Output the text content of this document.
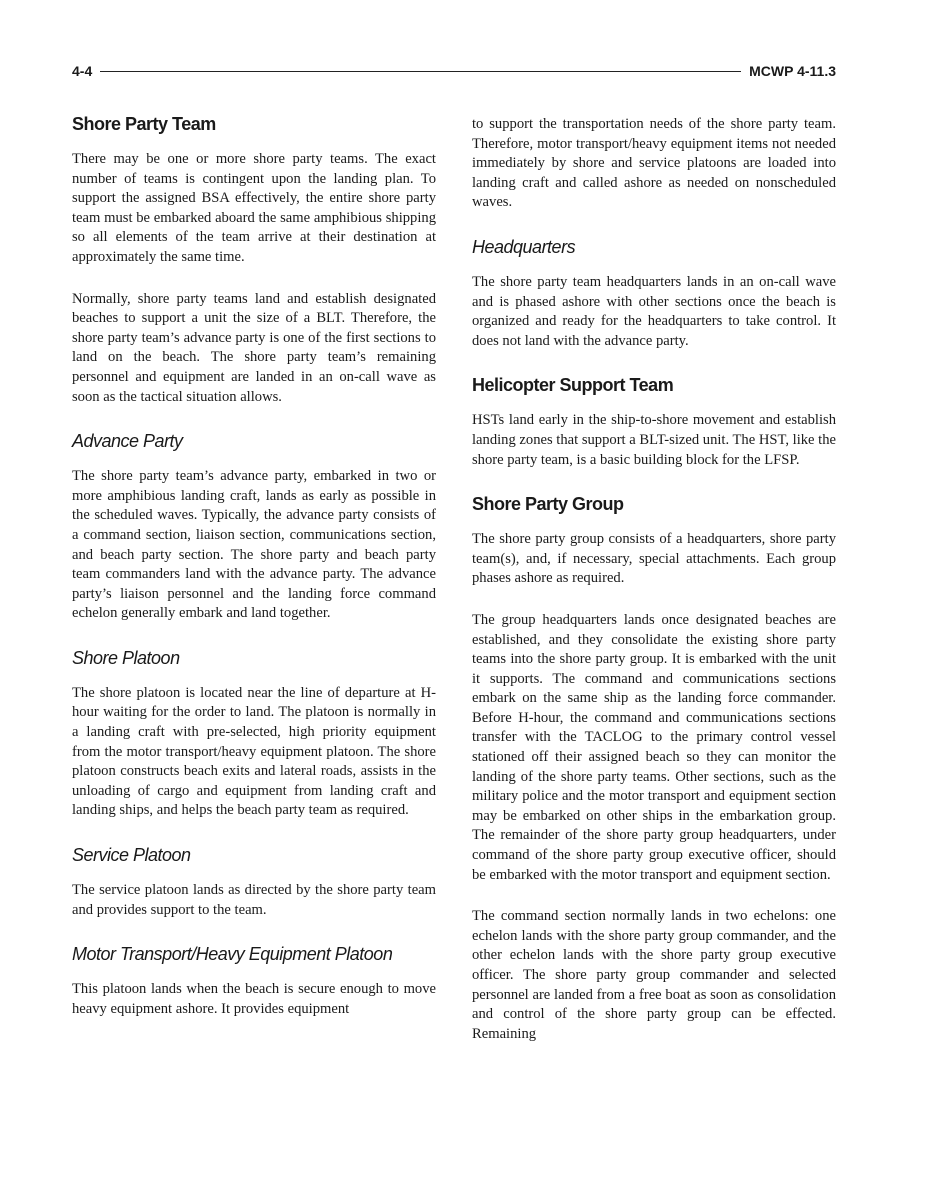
4-4	MCWP 4-11.3
Shore Party Team

There may be one or more shore party teams. The exact number of teams is contingent upon the landing plan. To support the assigned BSA effectively, the entire shore party team must be embarked aboard the same amphibious shipping so all elements of the team arrive at their destination at approximately the same time.

Normally, shore party teams land and establish designated beaches to support a unit the size of a BLT. Therefore, the shore party team’s advance party is one of the first sections to land on the beach. The shore party team’s remaining personnel and equipment are landed in an on-call wave as soon as the tactical situation allows.

Advance Party

The shore party team’s advance party, embarked in two or more amphibious landing craft, lands as early as possible in the scheduled waves. Typically, the advance party consists of a command section, liaison section, communications section, and beach party section. The shore party and beach party team commanders land with the advance party. The advance party’s liaison personnel and the landing force command echelon generally embark and land together.

Shore Platoon

The shore platoon is located near the line of departure at H-hour waiting for the order to land. The platoon is normally in a landing craft with pre-selected, high priority equipment from the motor transport/heavy equipment platoon. The shore platoon constructs beach exits and lateral roads, assists in the unloading of cargo and equipment from landing craft and landing ships, and helps the beach party team as required.

Service Platoon

The service platoon lands as directed by the shore party team and provides support to the team.

Motor Transport/Heavy Equipment Platoon

This platoon lands when the beach is secure enough to move heavy equipment ashore. It provides equipment

to support the transportation needs of the shore party team. Therefore, motor transport/heavy equipment items not needed immediately by shore and service platoons are loaded into landing craft and called ashore as needed on nonscheduled waves.

Headquarters

The shore party team headquarters lands in an on-call wave and is phased ashore with other sections once the beach is organized and ready for the headquarters to take control. It does not land with the advance party.

Helicopter Support Team

HSTs land early in the ship-to-shore movement and establish landing zones that support a BLT-sized unit. The HST, like the shore party team, is a basic building block for the LFSP.

Shore Party Group

The shore party group consists of a headquarters, shore party team(s), and, if necessary, special attachments. Each group phases ashore as required.

The group headquarters lands once designated beaches are established, and they consolidate the existing shore party teams into the shore party group. It is embarked with the unit it supports. The command and communications sections embark on the same ship as the landing force commander. Before H-hour, the command and communications sections transfer with the TACLOG to the primary control vessel stationed off their assigned beach so they can monitor the landing of the shore party teams. Other sections, such as the military police and the motor transport and equipment section may be embarked on other ships in the embarkation group. The remainder of the shore party group headquarters, under command of the shore party group executive officer, should be embarked with the motor transport and equipment section.

The command section normally lands in two echelons: one echelon lands with the shore party group commander, and the other echelon lands with the shore party group executive officer. The shore party group commander and selected personnel are landed from a free boat as soon as consolidation and control of the shore party group can be effected. Remaining
